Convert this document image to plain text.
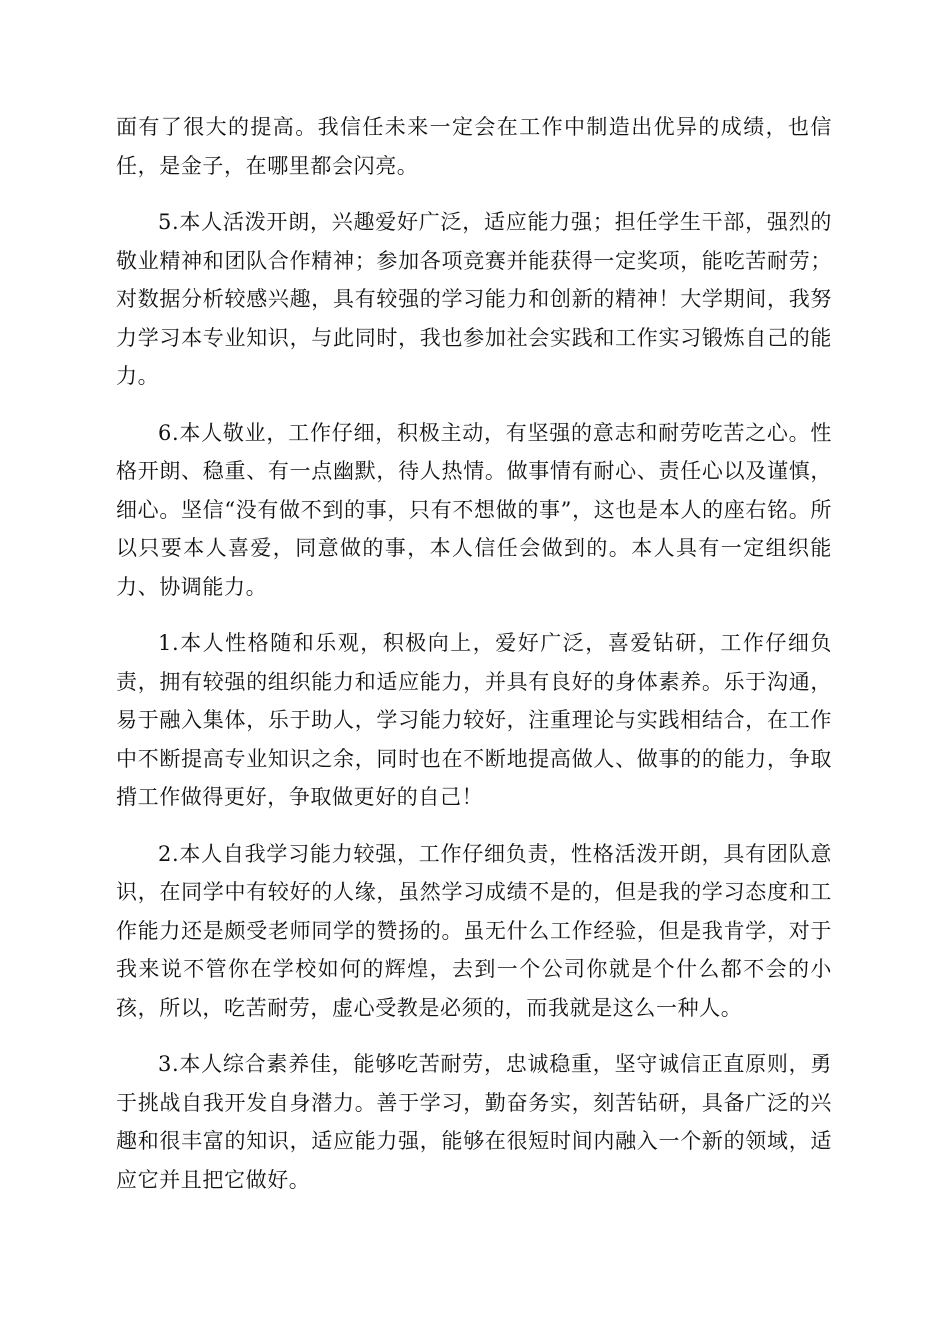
面有了很大的提高。我信任未来一定会在工作中制造出优异的成绩，也信任，是金子，在哪里都会闪亮。

5.本人活泼开朗，兴趣爱好广泛，适应能力强；担任学生干部，强烈的敬业精神和团队合作精神；参加各项竞赛并能获得一定奖项，能吃苦耐劳；对数据分析较感兴趣，具有较强的学习能力和创新的精神！大学期间，我努力学习本专业知识，与此同时，我也参加社会实践和工作实习锻炼自己的能力。

6.本人敬业，工作仔细，积极主动，有坚强的意志和耐劳吃苦之心。性格开朗、稳重、有一点幽默，待人热情。做事情有耐心、责任心以及谨慎，细心。坚信“没有做不到的事，只有不想做的事”，这也是本人的座右铭。所以只要本人喜爱，同意做的事，本人信任会做到的。本人具有一定组织能力、协调能力。

1.本人性格随和乐观，积极向上，爱好广泛，喜爱钻研，工作仔细负责，拥有较强的组织能力和适应能力，并具有良好的身体素养。乐于沟通，易于融入集体，乐于助人，学习能力较好，注重理论与实践相结合，在工作中不断提高专业知识之余，同时也在不断地提高做人、做事的的能力，争取揹工作做得更好，争取做更好的自己！

2.本人自我学习能力较强，工作仔细负责，性格活泼开朗，具有团队意识，在同学中有较好的人缘，虽然学习成绩不是的，但是我的学习态度和工作能力还是颇受老师同学的赞扬的。虽无什么工作经验，但是我肯学，对于我来说不管你在学校如何的辉煌，去到一个公司你就是个什么都不会的小孩，所以，吃苦耐劳，虚心受教是必须的，而我就是这么一种人。

3.本人综合素养佳，能够吃苦耐劳，忠诚稳重，坚守诚信正直原则，勇于挑战自我开发自身潜力。善于学习，勤奋务实，刻苦钻研，具备广泛的兴趣和很丰富的知识，适应能力强，能够在很短时间内融入一个新的领域，适应它并且把它做好。
